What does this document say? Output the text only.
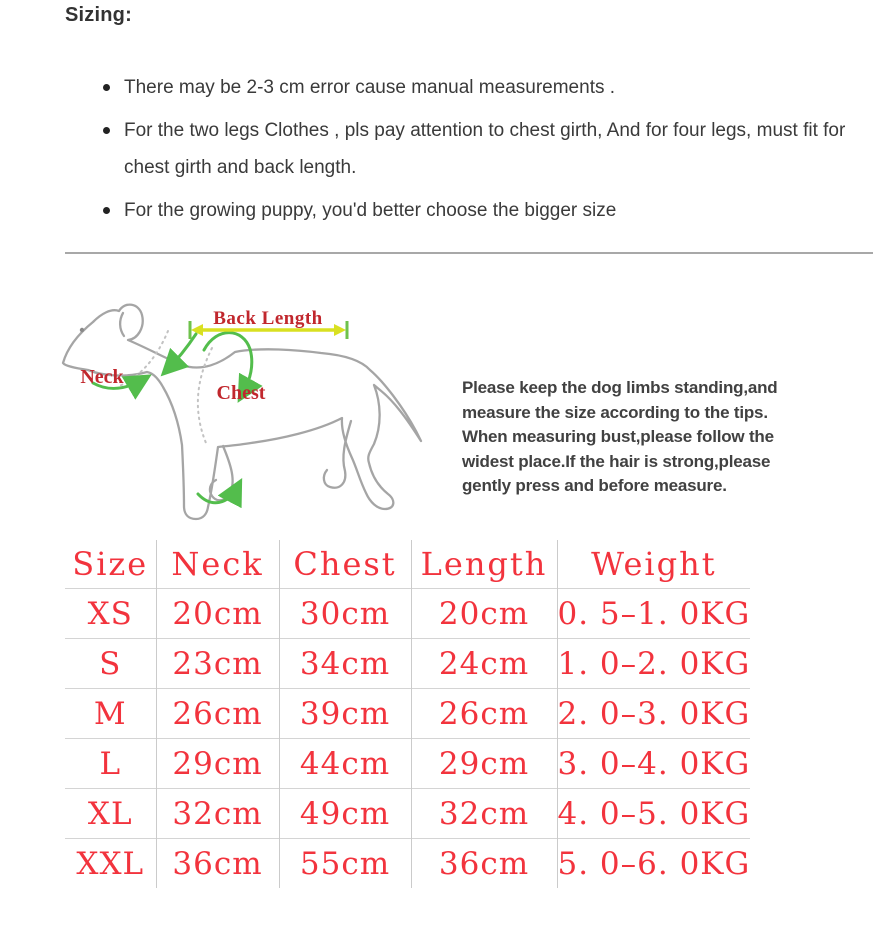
Sizing:
There may be 2-3 cm error cause manual measurements .
For the two legs Clothes , pls pay attention to chest girth, And for four legs, must fit for chest girth and back length.
For the growing puppy, you'd better choose the bigger size
Back Length
Neck
Chest	Please keep the dog limbs standing,and
measure the size according to the tips.
When measuring bust,please follow the
widest place.If the hair is strong,please
gently press and before measure.
Size	Neck	Chest	Length	Weight
XS	20cm	30cm	20cm	0. 5–1. 0KG
S	23cm	34cm	24cm	1. 0–2. 0KG
M	26cm	39cm	26cm	2. 0–3. 0KG
L	29cm	44cm	29cm	3. 0–4. 0KG
XL	32cm	49cm	32cm	4. 0–5. 0KG
XXL	36cm	55cm	36cm	5. 0–6. 0KG
